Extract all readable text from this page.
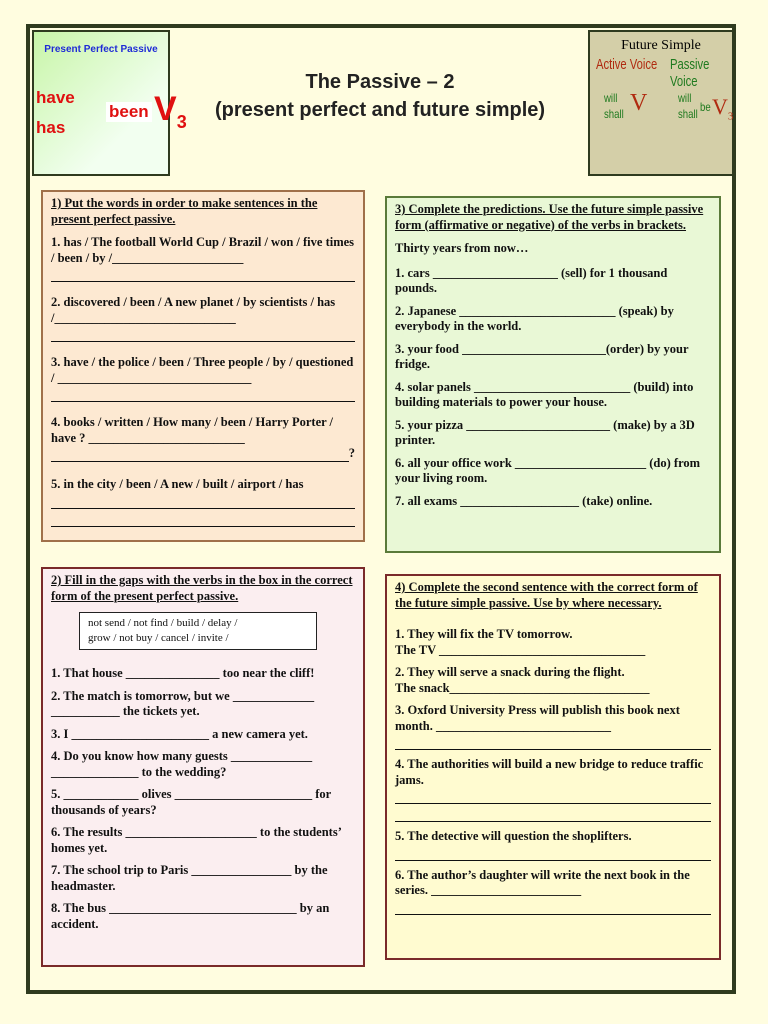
Present Perfect Passive
have
has
been $V_3$
Future Simple
Active Voice Passive Voice
will
shall V	will
shall be $V_3$
The Passive – 2
(present perfect and future simple)
1) Put the words in order to make sentences in the present perfect passive.
1. has / The football World Cup / Brazil / won / five times / been / by /_____________________
2. discovered / been / A new planet / by scientists / has /_____________________________
3. have / the police / been / Three people / by / questioned / _______________________________
4. books / written / How many / been / Harry Porter / have ? _________________________
?
5. in the city / been / A new / built / airport / has
2) Fill in the gaps with the verbs in the box in the correct form of the present perfect passive.
not send / not find / build / delay /
grow / not buy / cancel / invite /
1. That house _______________ too near the cliff!
2. The match is tomorrow, but we _____________ ___________ the tickets yet.
3. I ______________________ a new camera yet.
4. Do you know how many guests _____________ ______________ to the wedding?
5. ____________ olives ______________________ for thousands of years?
6. The results _____________________ to the students’ homes yet.
7. The school trip to Paris ________________ by the headmaster.
8. The bus ______________________________ by an accident.
3) Complete the predictions. Use the future simple passive form (affirmative or negative) of the verbs in brackets.
Thirty years from now…
1. cars ____________________ (sell) for 1 thousand pounds.
2. Japanese _________________________ (speak) by everybody in the world.
3. your food _______________________(order) by your fridge.
4. solar panels _________________________ (build) into building materials to power your house.
5. your pizza _______________________ (make) by a 3D printer.
6. all your office work _____________________ (do) from your living room.
7. all exams ___________________ (take) online.
4) Complete the second sentence with the correct form of the future simple passive. Use by where necessary.
1. They will fix the TV tomorrow.
The TV _________________________________
2. They will serve a snack during the flight.
The snack________________________________
3. Oxford University Press will publish this book next month. ____________________________
4. The authorities will build a new bridge to reduce traffic jams.
5. The detective will question the shoplifters.
6. The author’s daughter will write the next book in the series. ________________________
